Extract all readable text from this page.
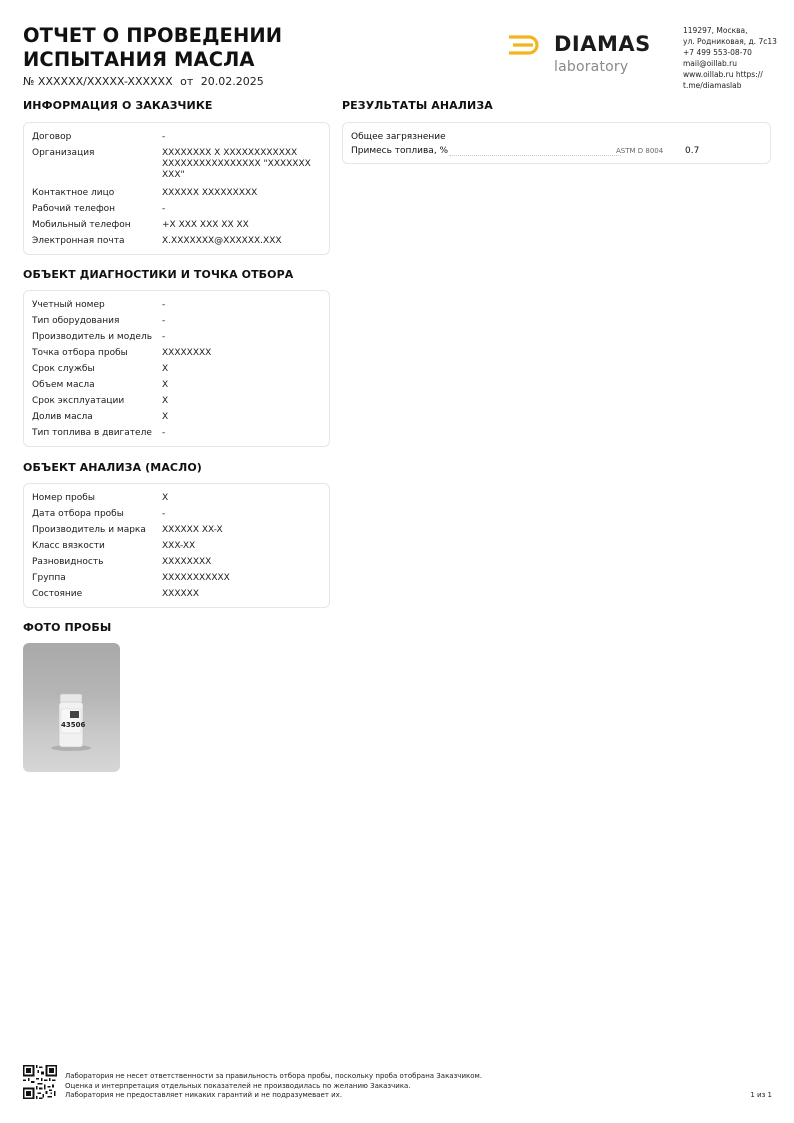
ОТЧЕТ О ПРОВЕДЕНИИ
ИСПЫТАНИЯ МАСЛА
№ XXXXXX/XXXXX-XXXXXX от 20.02.2025
DIAMAS
laboratory
119297, Москва,
ул. Родниковая, д. 7с13
+7 499 553-08-70
mail@oillab.ru
www.oillab.ru https://
t.me/diamaslab
ИНФОРМАЦИЯ О ЗАКАЗЧИКЕ
Договор	-
Организация	XXXXXXXX X XXXXXXXXXXXX XXXXXXXXXXXXXXXX "XXXXXXX XXX"
Контактное лицо	XXXXXX XXXXXXXXX
Рабочий телефон	-
Мобильный телефон	+X XXX XXX XX XX
Электронная почта	X.XXXXXXX@XXXXXX.XXX
ОБЪЕКТ ДИАГНОСТИКИ И ТОЧКА ОТБОРА
Учетный номер	-
Тип оборудования	-
Производитель и модель	-
Точка отбора пробы	XXXXXXXX
Срок службы	X
Объем масла	X
Срок эксплуатации	X
Долив масла	X
Тип топлива в двигателе	-
ОБЪЕКТ АНАЛИЗА (МАСЛО)
Номер пробы	X
Дата отбора пробы	-
Производитель и марка	XXXXXX XX-X
Класс вязкости	XXX-XX
Разновидность	XXXXXXXX
Группа	XXXXXXXXXXX
Состояние	XXXXXX
ФОТО ПРОБЫ
43506
РЕЗУЛЬТАТЫ АНАЛИЗА
Общее загрязнение
Примесь топлива, %	ASTM D 8004 0.7
Лаборатория не несет ответственности за правильность отбора пробы, поскольку проба отобрана Заказчиком.
Оценка и интерпретация отдельных показателей не производилась по желанию Заказчика.
Лаборатория не предоставляет никаких гарантий и не подразумевает их.	1 из 1
